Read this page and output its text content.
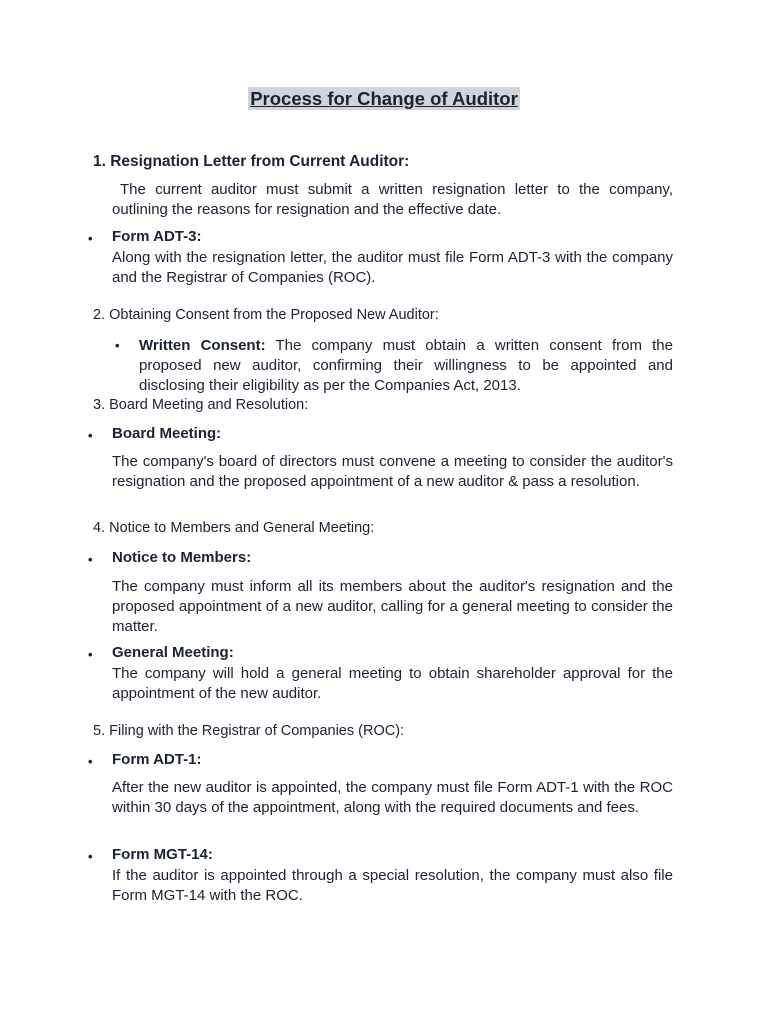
Process for Change of Auditor
1. Resignation Letter from Current Auditor:
The current auditor must submit a written resignation letter to the company, outlining the reasons for resignation and the effective date.
• Form ADT-3:
Along with the resignation letter, the auditor must file Form ADT-3 with the company and the Registrar of Companies (ROC).
2. Obtaining Consent from the Proposed New Auditor:
• Written Consent: The company must obtain a written consent from the proposed new auditor, confirming their willingness to be appointed and disclosing their eligibility as per the Companies Act, 2013.
3. Board Meeting and Resolution:
• Board Meeting:
The company's board of directors must convene a meeting to consider the auditor's resignation and the proposed appointment of a new auditor & pass a resolution.
4. Notice to Members and General Meeting:
• Notice to Members:
The company must inform all its members about the auditor's resignation and the proposed appointment of a new auditor, calling for a general meeting to consider the matter.
• General Meeting:
The company will hold a general meeting to obtain shareholder approval for the appointment of the new auditor.
5. Filing with the Registrar of Companies (ROC):
• Form ADT-1:
After the new auditor is appointed, the company must file Form ADT-1 with the ROC within 30 days of the appointment, along with the required documents and fees.
• Form MGT-14:
If the auditor is appointed through a special resolution, the company must also file Form MGT-14 with the ROC.
